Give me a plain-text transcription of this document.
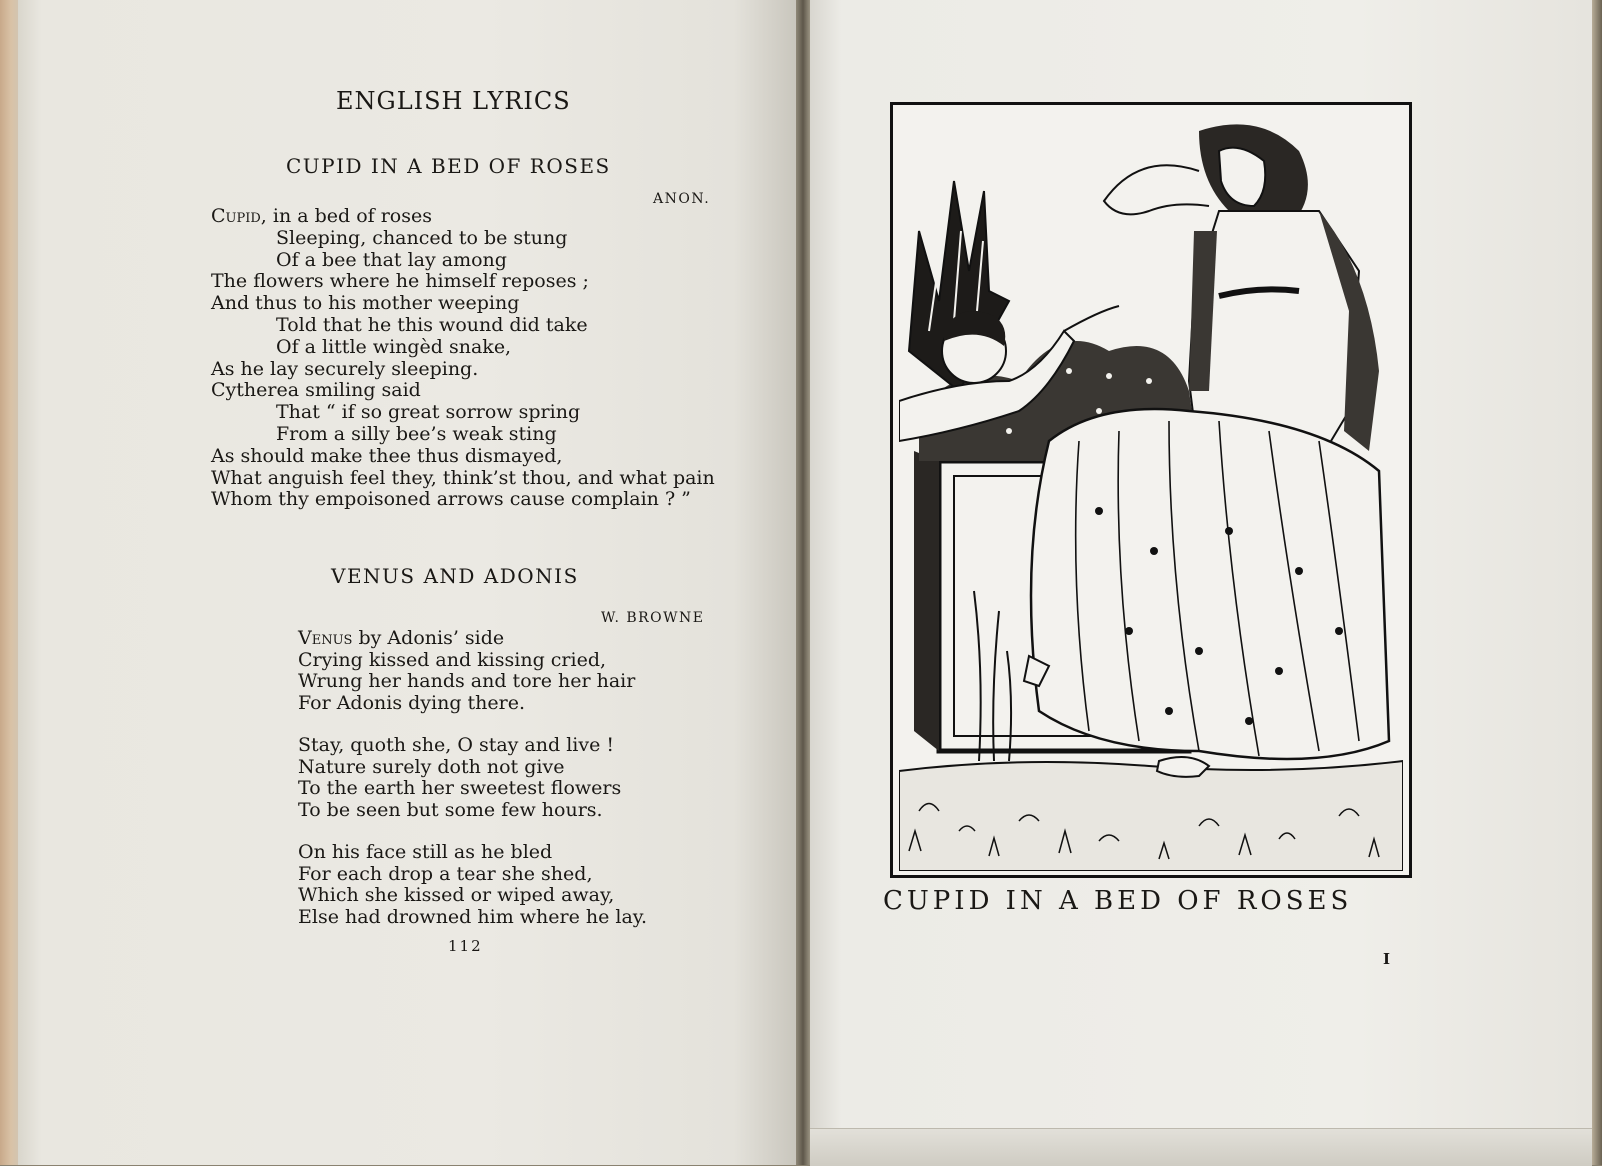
ENGLISH LYRICS
CUPID IN A BED OF ROSES
ANON.
Cupid, in a bed of roses
Sleeping, chanced to be stung
Of a bee that lay among
The flowers where he himself reposes ;
And thus to his mother weeping
Told that he this wound did take
Of a little wingèd snake,
As he lay securely sleeping.
Cytherea smiling said
That “ if so great sorrow spring
From a silly bee’s weak sting
As should make thee thus dismayed,
What anguish feel they, think’st thou, and what pain
Whom thy empoisoned arrows cause complain ? ”
VENUS AND ADONIS
W. BROWNE
Venus by Adonis’ side
Crying kissed and kissing cried,
Wrung her hands and tore her hair
For Adonis dying there.
Stay, quoth she, O stay and live !
Nature surely doth not give
To the earth her sweetest flowers
To be seen but some few hours.
On his face still as he bled
For each drop a tear she shed,
Which she kissed or wiped away,
Else had drowned him where he lay.
112
CUPID IN A BED OF ROSES
I
